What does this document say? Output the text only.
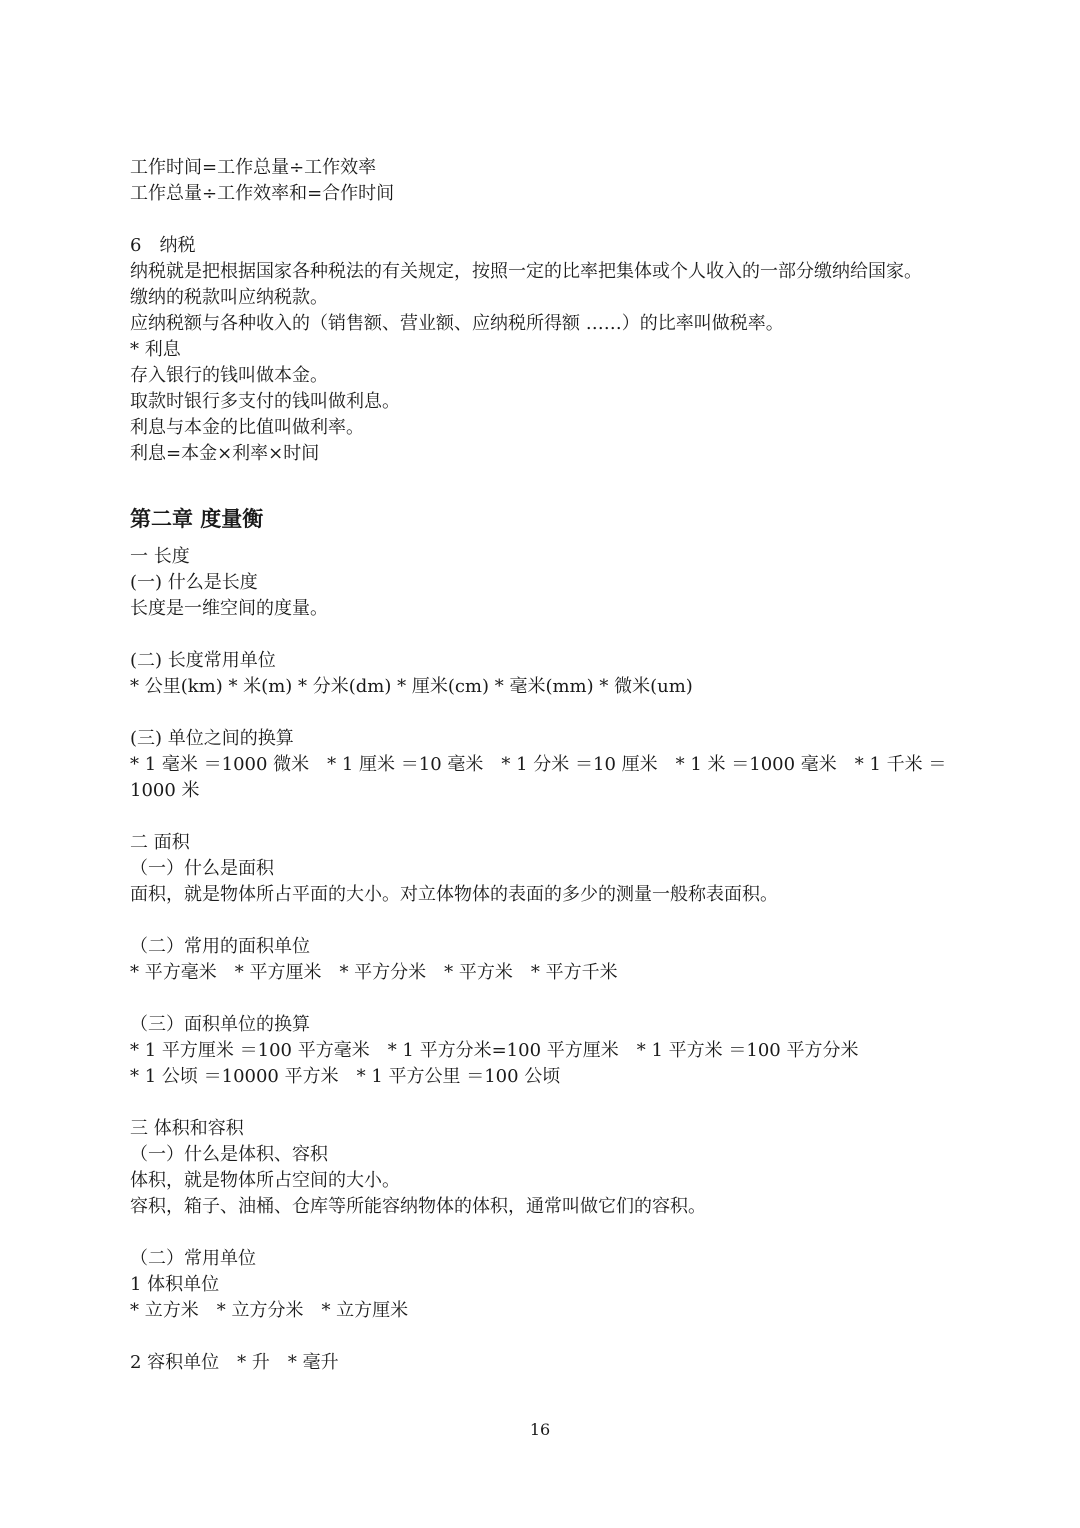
工作时间=工作总量÷工作效率
工作总量÷工作效率和=合作时间
6　纳税
纳税就是把根据国家各种税法的有关规定，按照一定的比率把集体或个人收入的一部分缴纳给国家。
缴纳的税款叫应纳税款。
应纳税额与各种收入的（销售额、营业额、应纳税所得额 ……）的比率叫做税率。
* 利息
存入银行的钱叫做本金。
取款时银行多支付的钱叫做利息。
利息与本金的比值叫做利率。
利息=本金×利率×时间
第二章 度量衡
一 长度
(一) 什么是长度
长度是一维空间的度量。
(二) 长度常用单位
* 公里(km) * 米(m) * 分米(dm) * 厘米(cm) * 毫米(mm) * 微米(um)
(三) 单位之间的换算
* 1 毫米 ＝1000 微米　* 1 厘米 ＝10 毫米　* 1 分米 ＝10 厘米　* 1 米 ＝1000 毫米　* 1 千米 ＝
1000 米
二 面积
（一）什么是面积
面积，就是物体所占平面的大小。对立体物体的表面的多少的测量一般称表面积。
（二）常用的面积单位
* 平方毫米　* 平方厘米　* 平方分米　* 平方米　* 平方千米
（三）面积单位的换算
* 1 平方厘米 ＝100 平方毫米　* 1 平方分米=100 平方厘米　* 1 平方米 ＝100 平方分米
* 1 公顷 ＝10000 平方米　* 1 平方公里 ＝100 公顷
三 体积和容积
（一）什么是体积、容积
体积，就是物体所占空间的大小。
容积，箱子、油桶、仓库等所能容纳物体的体积，通常叫做它们的容积。
（二）常用单位
1 体积单位
* 立方米　* 立方分米　* 立方厘米
2 容积单位　* 升　* 毫升
16
